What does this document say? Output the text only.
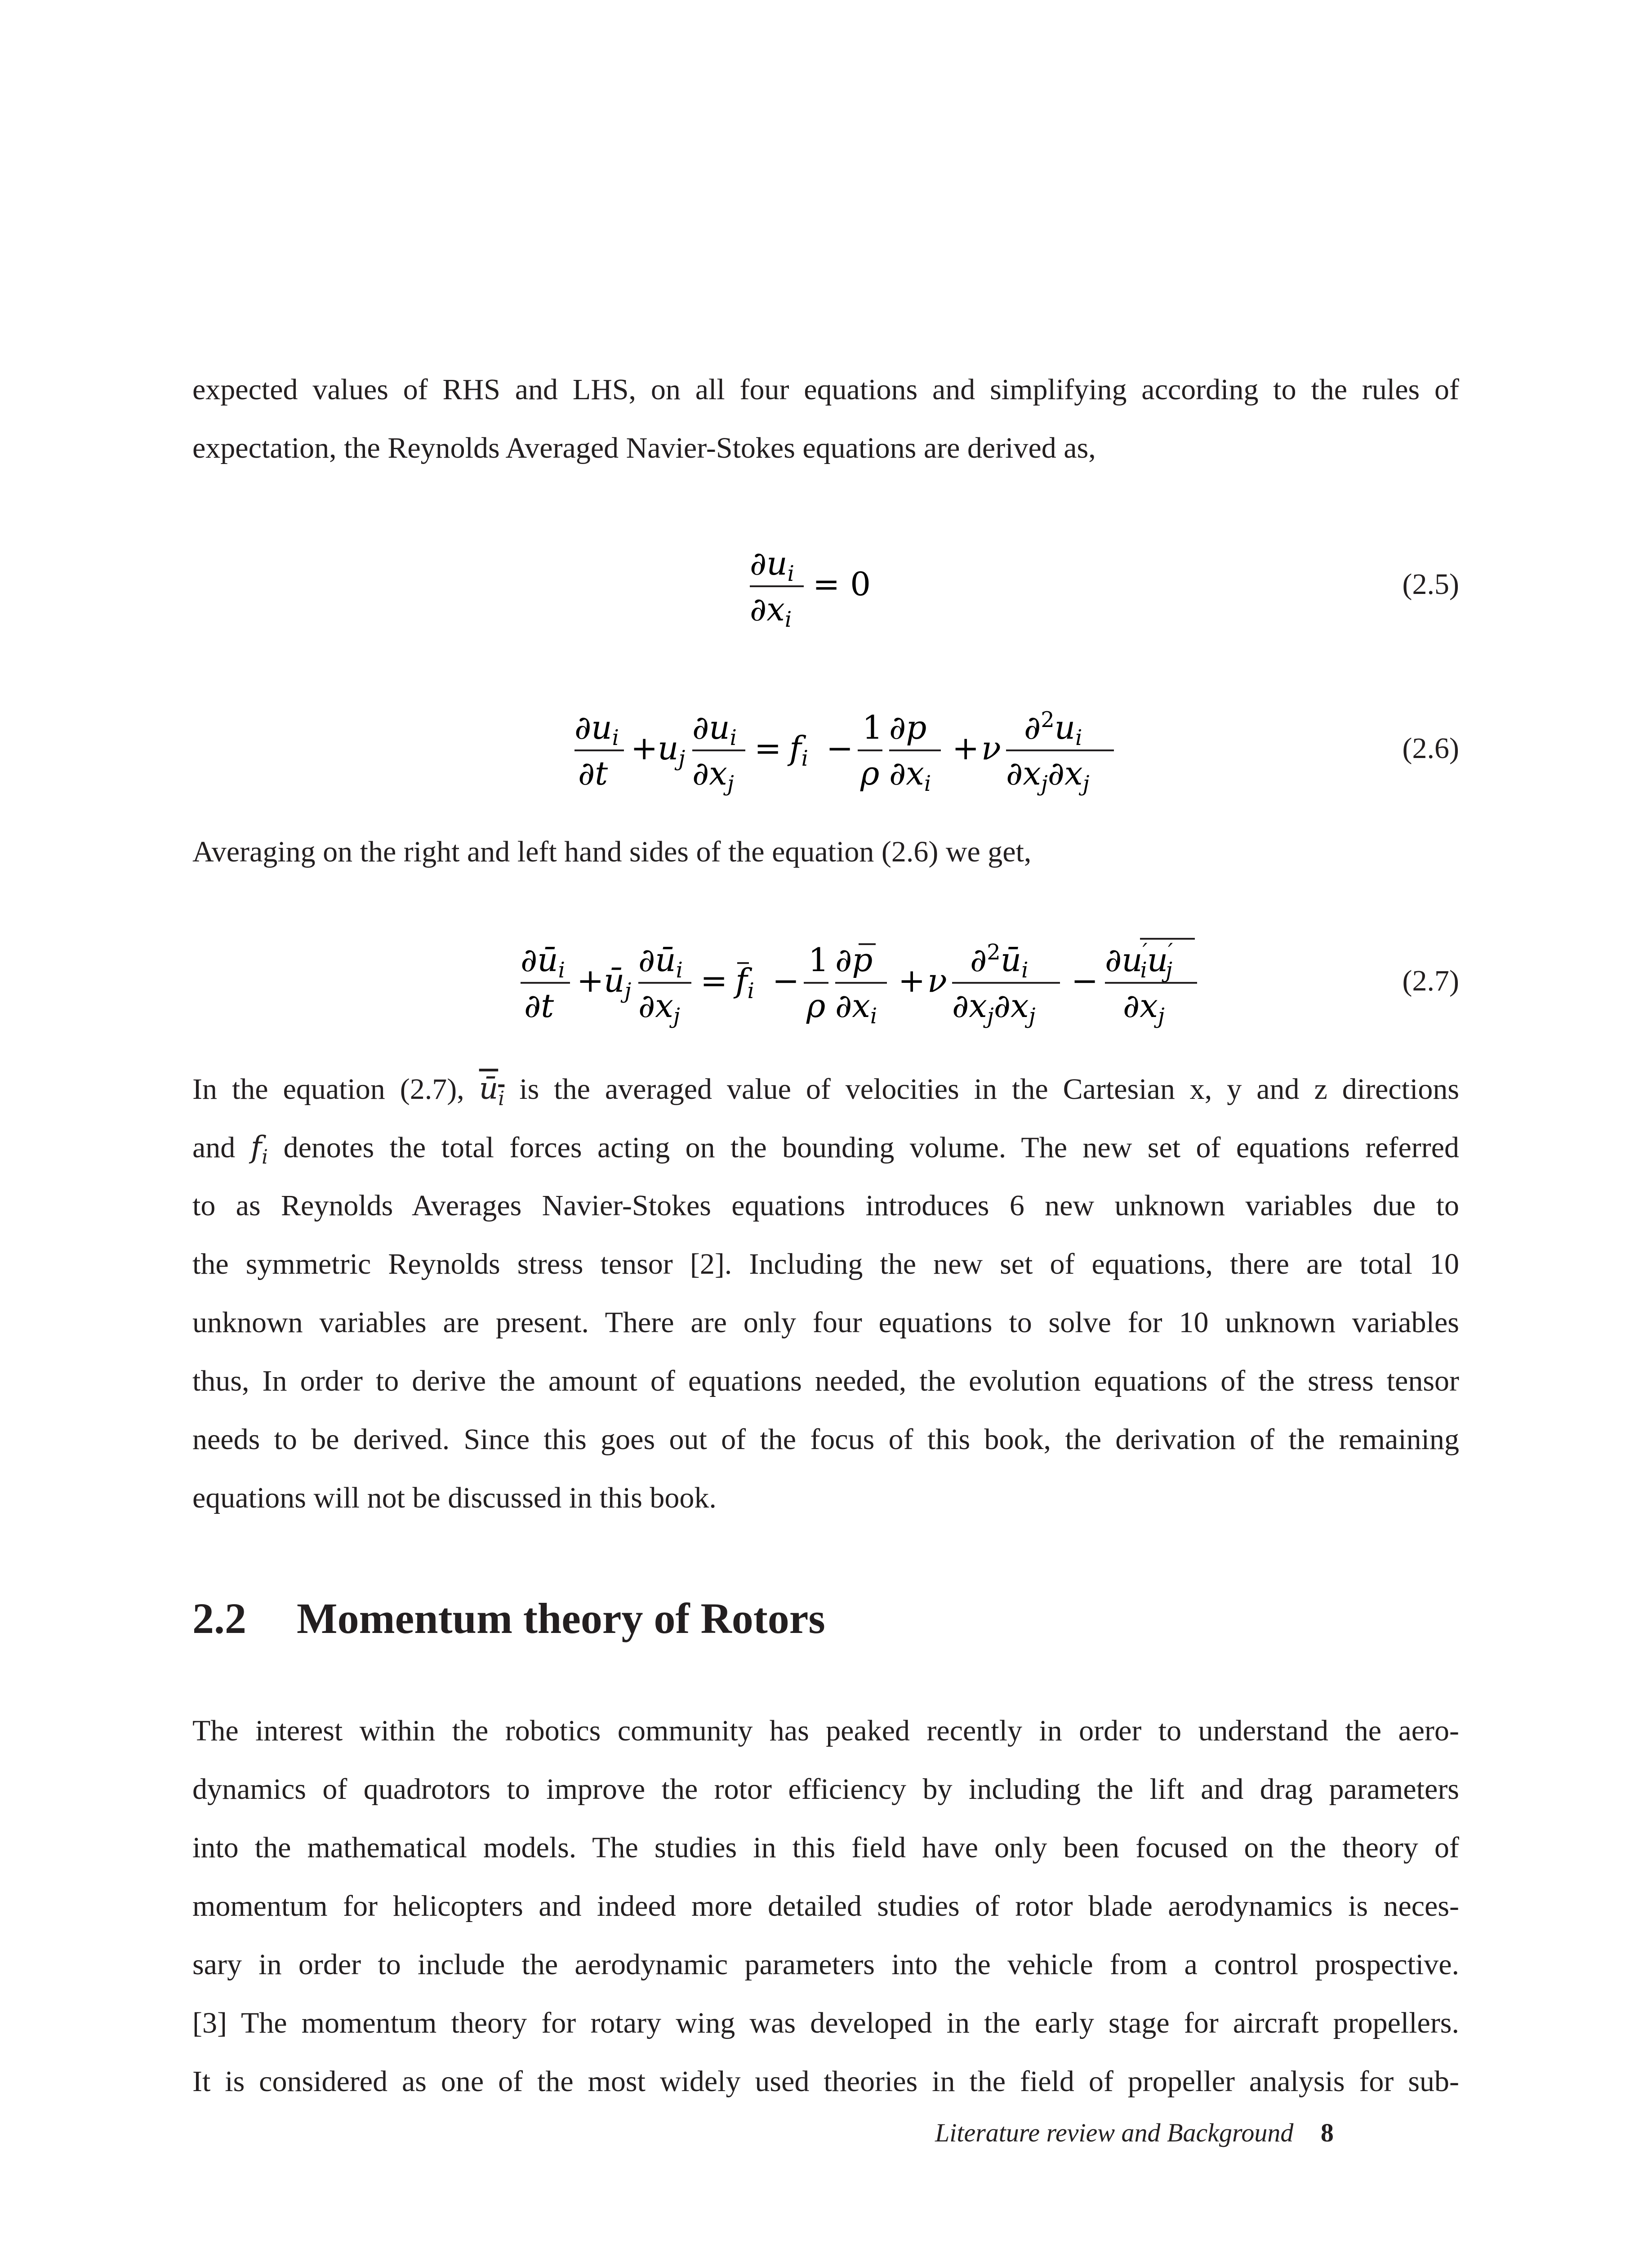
expected values of RHS and LHS, on all four equations and simplifying according to the rules of
expectation, the Reynolds Averaged Navier-Stokes equations are derived as,
∂ui
∂xi
= 0	(2.5)
∂ui
∂t
+ uj
∂ui
∂xj
= fi −
1
ρ
∂p
∂xi
+ ν
∂$^2$ui
∂xj∂xj
(2.6)
Averaging on the right and left hand sides of the equation (2.6) we get,
∂ūi
∂t
+ ūj
∂ūi
∂xj
= fi −
1
ρ
∂p
∂xi
+ ν
∂$^2$ūi
∂xj∂xj
−
∂u′ iu′ j
∂xj
(2.7)
In the equation (2.7), $ū_i$ is the averaged value of velocities in the Cartesian x, y and z directions
and $f_i$ denotes the total forces acting on the bounding volume. The new set of equations referred
to as Reynolds Averages Navier-Stokes equations introduces 6 new unknown variables due to
the symmetric Reynolds stress tensor [2]. Including the new set of equations, there are total 10
unknown variables are present. There are only four equations to solve for 10 unknown variables
thus, In order to derive the amount of equations needed, the evolution equations of the stress tensor
needs to be derived. Since this goes out of the focus of this book, the derivation of the remaining
equations will not be discussed in this book.
2.2 Momentum theory of Rotors
The interest within the robotics community has peaked recently in order to understand the aero-
dynamics of quadrotors to improve the rotor efficiency by including the lift and drag parameters
into the mathematical models. The studies in this field have only been focused on the theory of
momentum for helicopters and indeed more detailed studies of rotor blade aerodynamics is neces-
sary in order to include the aerodynamic parameters into the vehicle from a control prospective.
[3] The momentum theory for rotary wing was developed in the early stage for aircraft propellers.
It is considered as one of the most widely used theories in the field of propeller analysis for sub-
Literature review and Background 8
